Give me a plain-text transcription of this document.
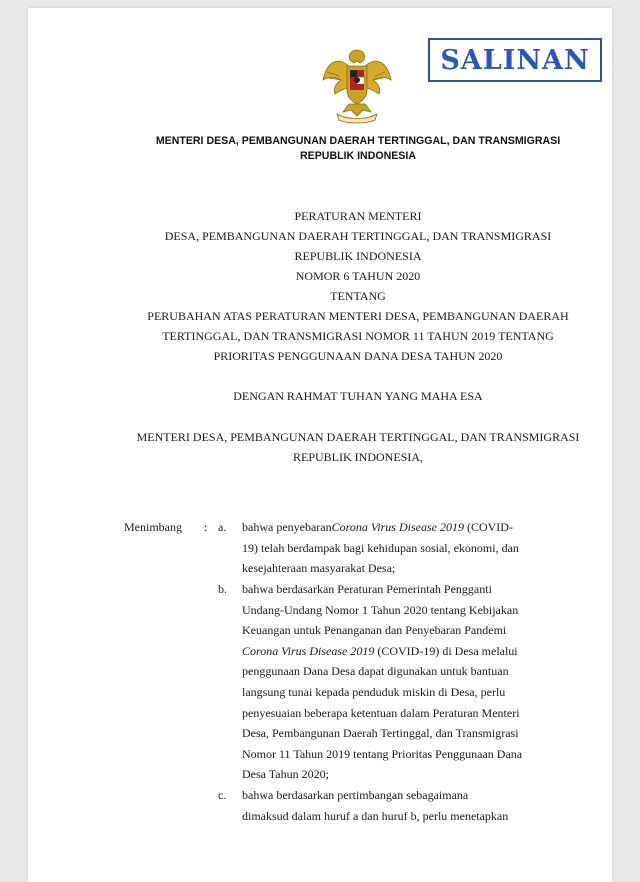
SALINAN
MENTERI DESA, PEMBANGUNAN DAERAH TERTINGGAL, DAN TRANSMIGRASI
REPUBLIK INDONESIA
PERATURAN MENTERI
DESA, PEMBANGUNAN DAERAH TERTINGGAL, DAN TRANSMIGRASI
REPUBLIK INDONESIA
NOMOR 6 TAHUN 2020
TENTANG
PERUBAHAN ATAS PERATURAN MENTERI DESA, PEMBANGUNAN DAERAH
TERTINGGAL, DAN TRANSMIGRASI NOMOR 11 TAHUN 2019 TENTANG
PRIORITAS PENGGUNAAN DANA DESA TAHUN 2020
DENGAN RAHMAT TUHAN YANG MAHA ESA
MENTERI DESA, PEMBANGUNAN DAERAH TERTINGGAL, DAN TRANSMIGRASI
REPUBLIK INDONESIA,
Menimbang : a. bahwa penyebaranCorona Virus Disease 2019 (COVID-
19) telah berdampak bagi kehidupan sosial, ekonomi, dan
kesejahteraan masyarakat Desa;
b. bahwa berdasarkan Peraturan Pemerintah Pengganti
Undang-Undang Nomor 1 Tahun 2020 tentang Kebijakan
Keuangan untuk Penanganan dan Penyebaran Pandemi
Corona Virus Disease 2019 (COVID-19) di Desa melalui
penggunaan Dana Desa dapat digunakan untuk bantuan
langsung tunai kepada penduduk miskin di Desa, perlu
penyesuaian beberapa ketentuan dalam Peraturan Menteri
Desa, Pembangunan Daerah Tertinggal, dan Transmigrasi
Nomor 11 Tahun 2019 tentang Prioritas Penggunaan Dana
Desa Tahun 2020;
c. bahwa berdasarkan pertimbangan sebagaimana
dimaksud dalam huruf a dan huruf b, perlu menetapkan
